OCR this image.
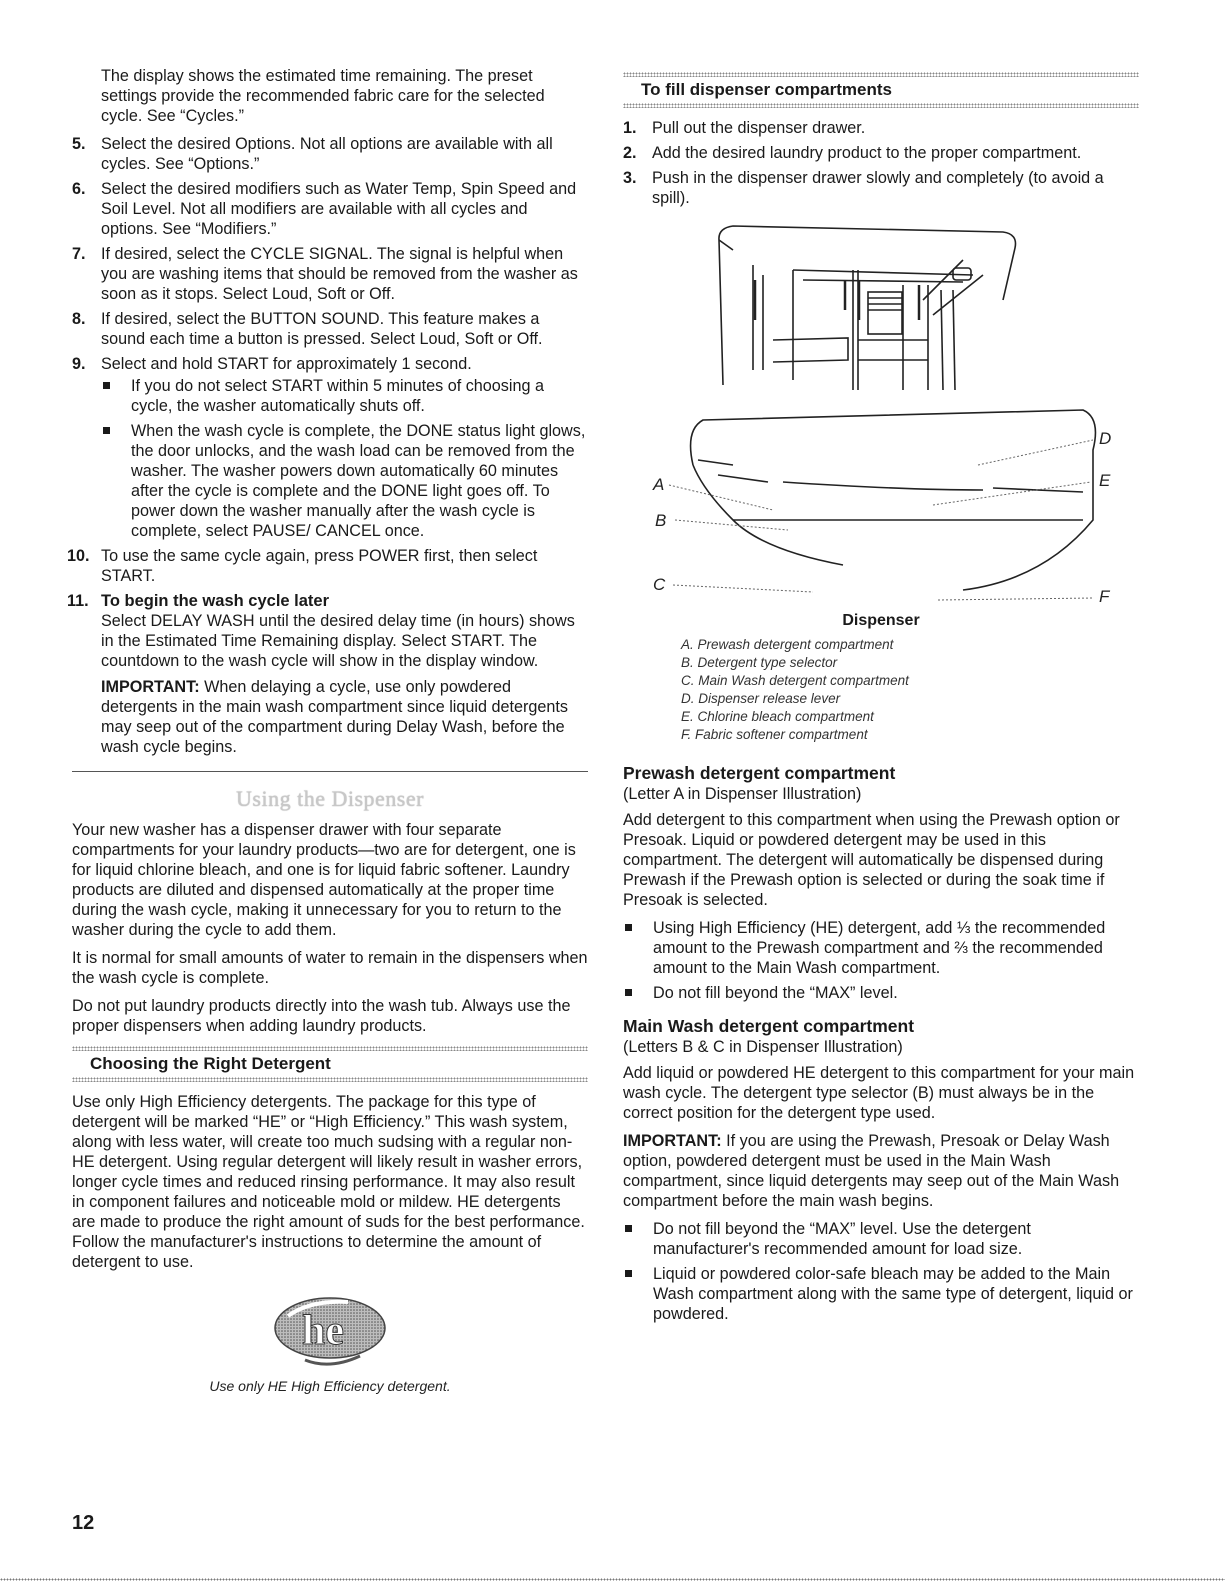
The display shows the estimated time remaining. The preset settings provide the recommended fabric care for the selected cycle. See “Cycles.”

5. Select the desired Options. Not all options are available with all cycles. See “Options.”
6. Select the desired modifiers such as Water Temp, Spin Speed and Soil Level. Not all modifiers are available with all cycles and options. See “Modifiers.”
7. If desired, select the CYCLE SIGNAL. The signal is helpful when you are washing items that should be removed from the washer as soon as it stops. Select Loud, Soft or Off.
8. If desired, select the BUTTON SOUND. This feature makes a sound each time a button is pressed. Select Loud, Soft or Off.
9. Select and hold START for approximately 1 second.
If you do not select START within 5 minutes of choosing a cycle, the washer automatically shuts off.
When the wash cycle is complete, the DONE status light glows, the door unlocks, and the wash load can be removed from the washer. The washer powers down automatically 60 minutes after the cycle is complete and the DONE light goes off. To power down the washer manually after the wash cycle is complete, select PAUSE/ CANCEL once.
10. To use the same cycle again, press POWER first, then select START.
11. To begin the wash cycle later
Select DELAY WASH until the desired delay time (in hours) shows in the Estimated Time Remaining display. Select START. The countdown to the wash cycle will show in the display window.

IMPORTANT: When delaying a cycle, use only powdered detergents in the main wash compartment since liquid detergents may seep out of the compartment during Delay Wash, before the wash cycle begins.

Using the Dispenser

Your new washer has a dispenser drawer with four separate compartments for your laundry products—two are for detergent, one is for liquid chlorine bleach, and one is for liquid fabric softener. Laundry products are diluted and dispensed automatically at the proper time during the wash cycle, making it unnecessary for you to return to the washer during the cycle to add them.

It is normal for small amounts of water to remain in the dispensers when the wash cycle is complete.

Do not put laundry products directly into the wash tub. Always use the proper dispensers when adding laundry products.

Choosing the Right Detergent

Use only High Efficiency detergents. The package for this type of detergent will be marked “HE” or “High Efficiency.” This wash system, along with less water, will create too much sudsing with a regular non-HE detergent. Using regular detergent will likely result in washer errors, longer cycle times and reduced rinsing performance. It may also result in component failures and noticeable mold or mildew. HE detergents are made to produce the right amount of suds for the best performance. Follow the manufacturer's instructions to determine the amount of detergent to use.

he
Use only HE High Efficiency detergent.
To fill dispenser compartments
1. Pull out the dispenser drawer.
2. Add the desired laundry product to the proper compartment.
3. Push in the dispenser drawer slowly and completely (to avoid a spill).
A
B
C
D
E
F
Dispenser

A. Prewash detergent compartment

B. Detergent type selector

C. Main Wash detergent compartment

D. Dispenser release lever

E. Chlorine bleach compartment

F. Fabric softener compartment

Prewash detergent compartment

(Letter A in Dispenser Illustration)

Add detergent to this compartment when using the Prewash option or Presoak. Liquid or powdered detergent may be used in this compartment. The detergent will automatically be dispensed during Prewash if the Prewash option is selected or during the soak time if Presoak is selected.

Using High Efficiency (HE) detergent, add ⅓ the recommended amount to the Prewash compartment and ⅔ the recommended amount to the Main Wash compartment.
Do not fill beyond the “MAX” level.
Main Wash detergent compartment

(Letters B & C in Dispenser Illustration)

Add liquid or powdered HE detergent to this compartment for your main wash cycle. The detergent type selector (B) must always be in the correct position for the detergent type used.

IMPORTANT: If you are using the Prewash, Presoak or Delay Wash option, powdered detergent must be used in the Main Wash compartment, since liquid detergents may seep out of the Main Wash compartment before the main wash begins.

Do not fill beyond the “MAX” level. Use the detergent manufacturer's recommended amount for load size.
Liquid or powdered color-safe bleach may be added to the Main Wash compartment along with the same type of detergent, liquid or powdered.
12
